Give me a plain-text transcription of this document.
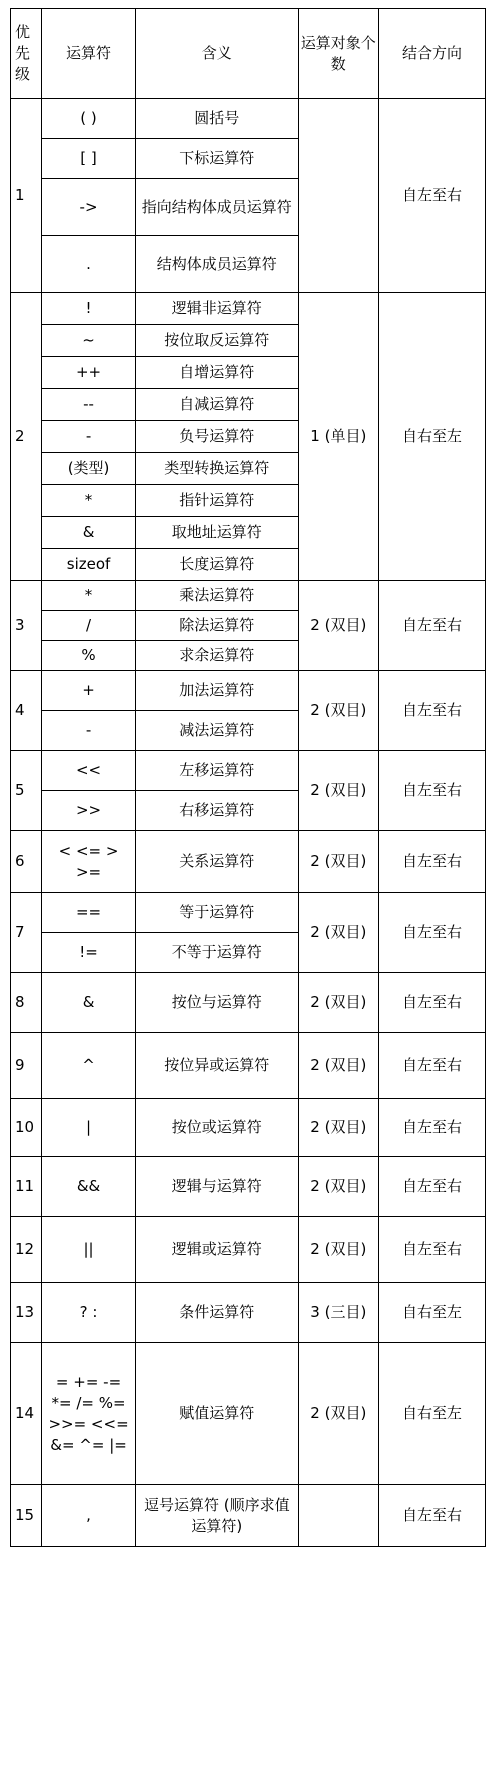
优先级	运算符	含义	运算对象个数	结合方向
1	( )	圆括号		自左至右
	[ ]	下标运算符		
	->	指向结构体成员运算符		
	.	结构体成员运算符		
2	!	逻辑非运算符	1 (单目)	自右至左
	~	按位取反运算符		
	++	自增运算符		
	--	自减运算符		
	-	负号运算符		
	(类型)	类型转换运算符		
	*	指针运算符		
	&	取地址运算符		
	sizeof	长度运算符		
3	*	乘法运算符	2 (双目)	自左至右
	/	除法运算符		
	%	求余运算符		
4	+	加法运算符	2 (双目)	自左至右
	-	减法运算符		
5	<<	左移运算符	2 (双目)	自左至右
	>>	右移运算符		
6	< <= > >=	关系运算符	2 (双目)	自左至右
7	==	等于运算符	2 (双目)	自左至右
	!=	不等于运算符		
8	&	按位与运算符	2 (双目)	自左至右
9	^	按位异或运算符	2 (双目)	自左至右
10	|	按位或运算符	2 (双目)	自左至右
11	&&	逻辑与运算符	2 (双目)	自左至右
12	||	逻辑或运算符	2 (双目)	自左至右
13	? :	条件运算符	3 (三目)	自右至左
14	= += -= *= /= %= >>= <<= &= ^= |=	赋值运算符	2 (双目)	自右至左
15	,	逗号运算符 (顺序求值运算符)		自左至右
